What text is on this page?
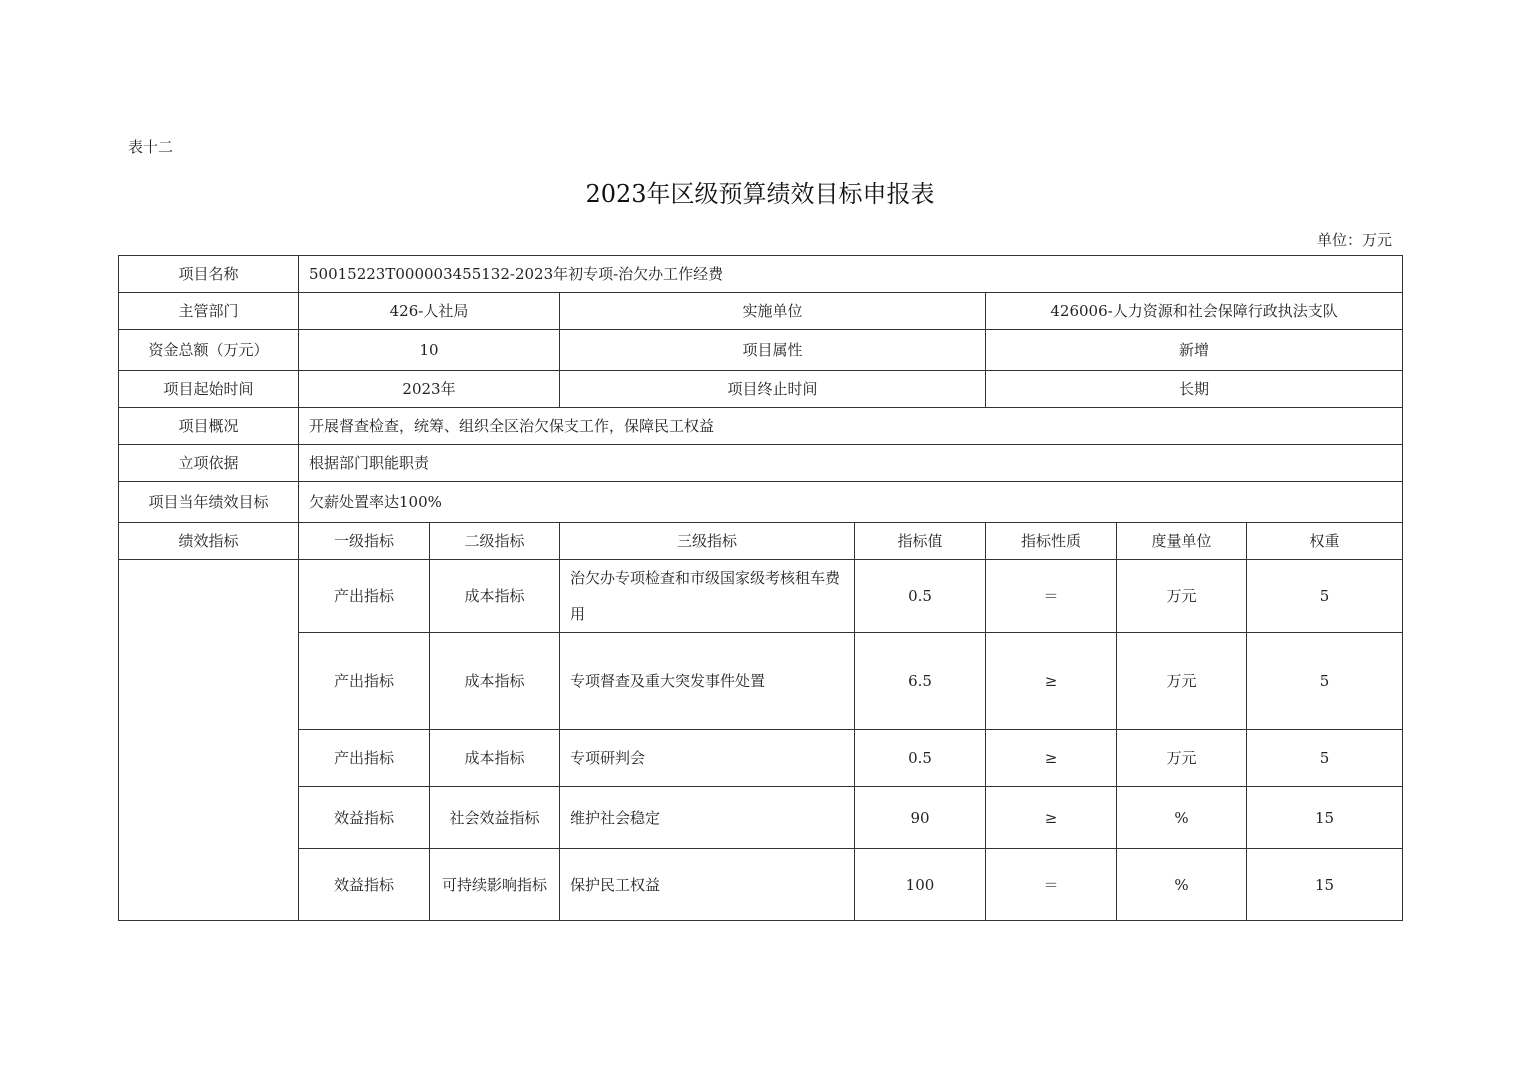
表十二
2023年区级预算绩效目标申报表
单位：万元
项目名称	50015223T000003455132-2023年初专项-治欠办工作经费						
主管部门	426-人社局		实施单位		426006-人力资源和社会保障行政执法支队		
资金总额（万元）	10		项目属性		新增		
项目起始时间	2023年		项目终止时间		长期		
项目概况	开展督查检查，统筹、组织全区治欠保支工作，保障民工权益						
立项依据	根据部门职能职责						
项目当年绩效目标	欠薪处置率达100%						
绩效指标	一级指标	二级指标	三级指标	指标值	指标性质	度量单位	权重
	产出指标	成本指标	治欠办专项检查和市级国家级考核租车费用	0.5	＝	万元	5
	产出指标	成本指标	专项督查及重大突发事件处置	6.5	≥	万元	5
	产出指标	成本指标	专项研判会	0.5	≥	万元	5
	效益指标	社会效益指标	维护社会稳定	90	≥	%	15
	效益指标	可持续影响指标	保护民工权益	100	＝	%	15
